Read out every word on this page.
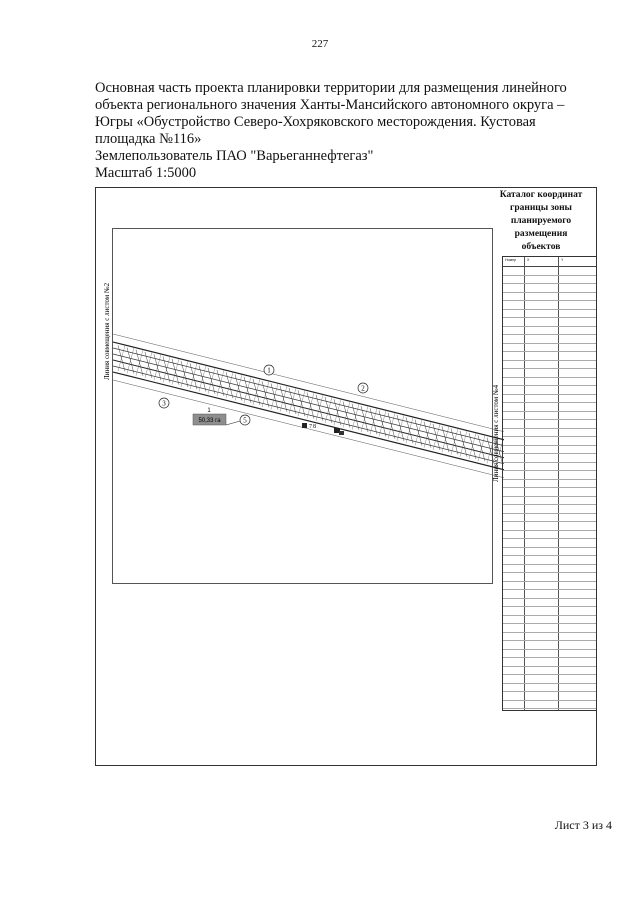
227
Основная часть проекта планировки территории для размещения линейного
объекта регионального значения Ханты-Мансийского автономного округа –
Югры «Обустройство Северо-Хохряковского месторождения. Кустовая
площадка №116»
Землепользователь ПАО "Варьеганнефтегаз"
Масштаб 1:5000
Линия совмещения с листом №2
Линия совмещения с листом №4
1
2
3
5
1
50,33 га
7 8
Каталог координат
границы зоны
планируемого
размещения
объектов
Номер	X	Y
Лист 3 из 4
